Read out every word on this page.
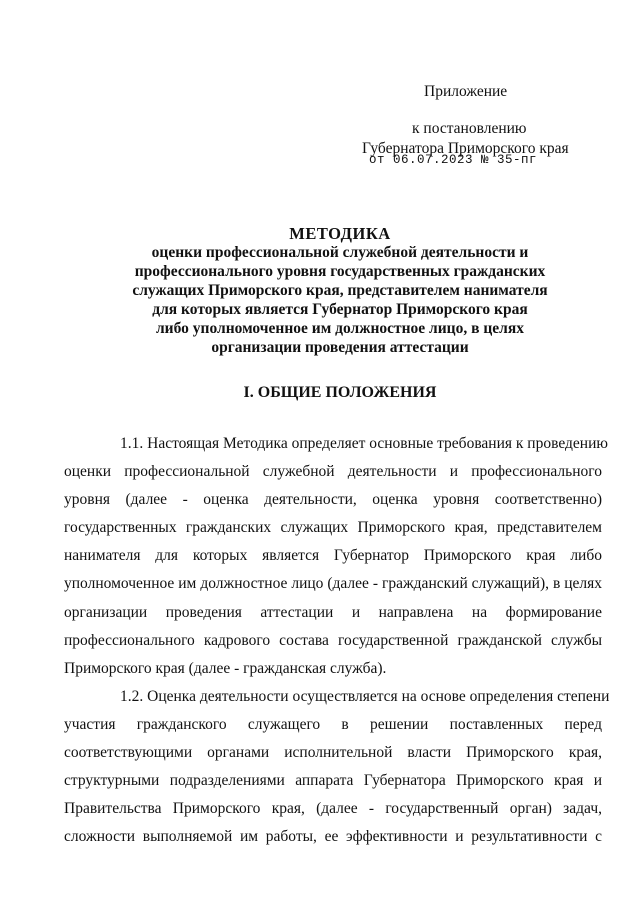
Приложение
к постановлению
Губернатора Приморского края
от 06.07.2023 № 35-пг
МЕТОДИКА
оценки профессиональной служебной деятельности и
профессионального уровня государственных гражданских
служащих Приморского края, представителем нанимателя
для которых является Губернатор Приморского края
либо уполномоченное им должностное лицо, в целях
организации проведения аттестации
I. ОБЩИЕ ПОЛОЖЕНИЯ
1.1. Настоящая Методика определяет основные требования к проведению
оценки профессиональной служебной деятельности и профессионального
уровня (далее - оценка деятельности, оценка уровня соответственно)
государственных гражданских служащих Приморского края, представителем
нанимателя для которых является Губернатор Приморского края либо
уполномоченное им должностное лицо (далее - гражданский служащий), в целях
организации проведения аттестации и направлена на формирование
профессионального кадрового состава государственной гражданской службы
Приморского края (далее - гражданская служба).
1.2. Оценка деятельности осуществляется на основе определения степени
участия гражданского служащего в решении поставленных перед
соответствующими органами исполнительной власти Приморского края,
структурными подразделениями аппарата Губернатора Приморского края и
Правительства Приморского края, (далее - государственный орган) задач,
сложности выполняемой им работы, ее эффективности и результативности с
